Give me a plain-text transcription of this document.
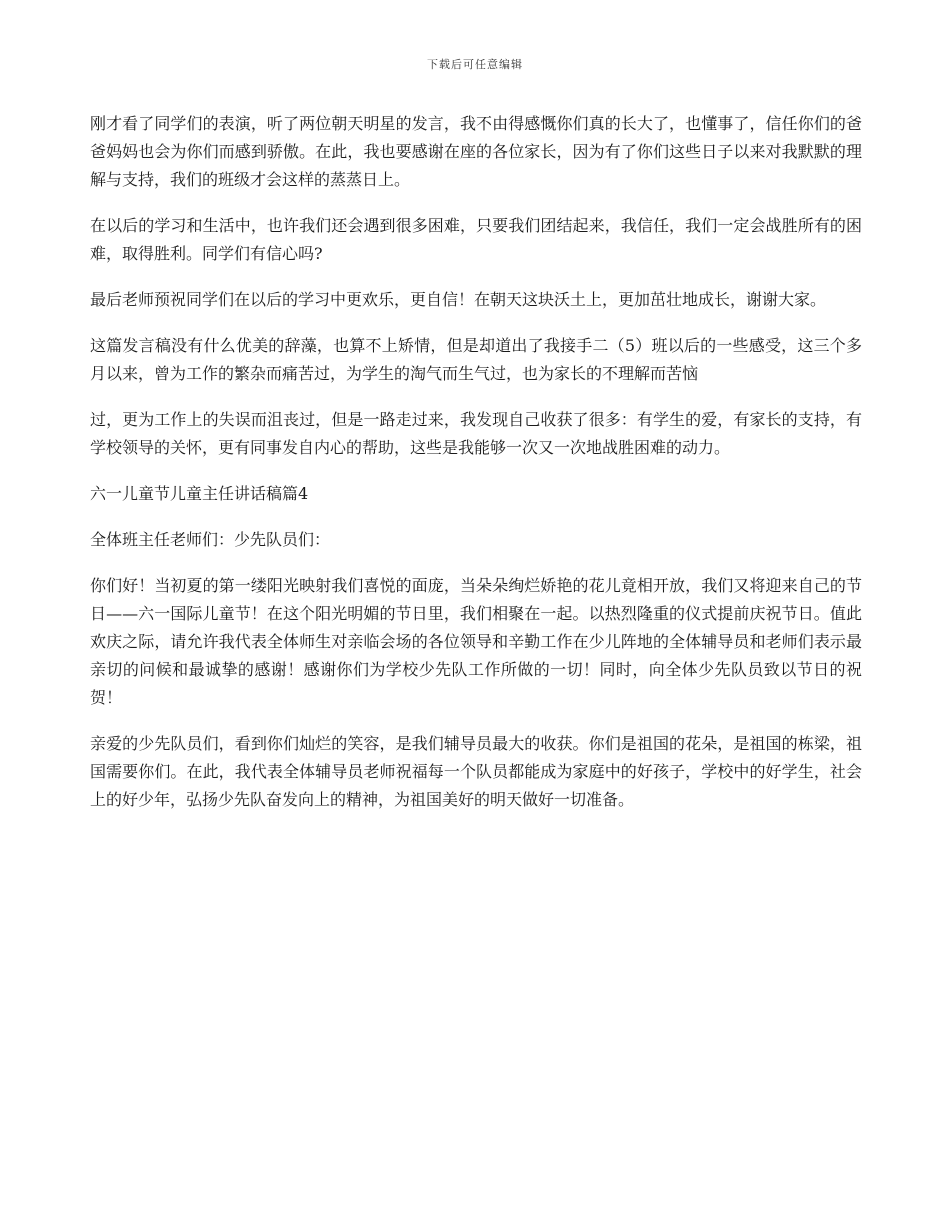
下载后可任意编辑

刚才看了同学们的表演，听了两位朝天明星的发言，我不由得感慨你们真的长大了，也懂事了，信任你们的爸爸妈妈也会为你们而感到骄傲。在此，我也要感谢在座的各位家长，因为有了你们这些日子以来对我默默的理解与支持，我们的班级才会这样的蒸蒸日上。

在以后的学习和生活中，也许我们还会遇到很多困难，只要我们团结起来，我信任，我们一定会战胜所有的困难，取得胜利。同学们有信心吗?

最后老师预祝同学们在以后的学习中更欢乐，更自信！在朝天这块沃土上，更加茁壮地成长，谢谢大家。

这篇发言稿没有什么优美的辞藻，也算不上矫情，但是却道出了我接手二（5）班以后的一些感受，这三个多月以来，曾为工作的繁杂而痛苦过，为学生的淘气而生气过，也为家长的不理解而苦恼

过，更为工作上的失误而沮丧过，但是一路走过来，我发现自己收获了很多：有学生的爱，有家长的支持，有学校领导的关怀，更有同事发自内心的帮助，这些是我能够一次又一次地战胜困难的动力。

六一儿童节儿童主任讲话稿篇4

全体班主任老师们：少先队员们：

你们好！当初夏的第一缕阳光映射我们喜悦的面庞，当朵朵绚烂娇艳的花儿竟相开放，我们又将迎来自己的节日——六一国际儿童节！在这个阳光明媚的节日里，我们相聚在一起。以热烈隆重的仪式提前庆祝节日。值此欢庆之际，请允许我代表全体师生对亲临会场的各位领导和辛勤工作在少儿阵地的全体辅导员和老师们表示最亲切的问候和最诚挚的感谢！感谢你们为学校少先队工作所做的一切！同时，向全体少先队员致以节日的祝贺！

亲爱的少先队员们，看到你们灿烂的笑容，是我们辅导员最大的收获。你们是祖国的花朵，是祖国的栋梁，祖国需要你们。在此，我代表全体辅导员老师祝福每一个队员都能成为家庭中的好孩子，学校中的好学生，社会上的好少年，弘扬少先队奋发向上的精神，为祖国美好的明天做好一切准备。
